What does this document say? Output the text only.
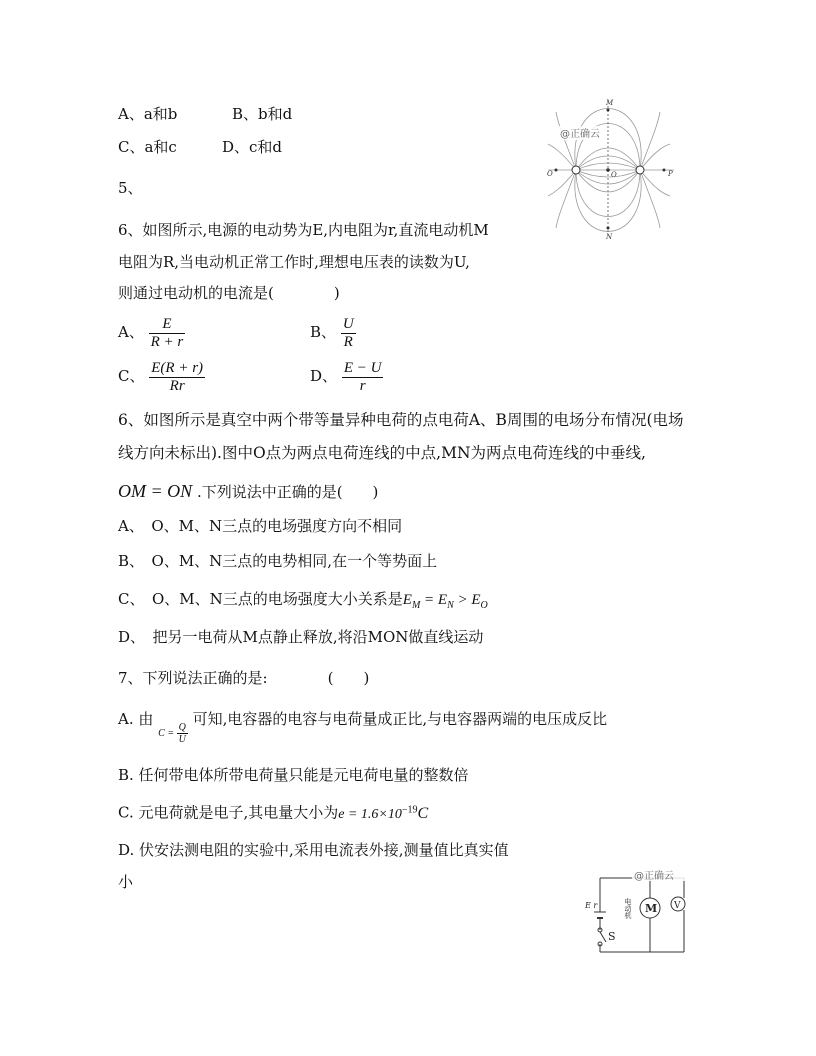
A、a和b	B、b和d
C、a和c	D、c和d
5、
6、如图所示,电源的电动势为E,内电阻为r,直流电动机M
电阻为R,当电动机正常工作时,理想电压表的读数为U,
则通过电动机的电流是(　　　　)
A、 $\frac{E}{R + r}$	B、 $\frac{U}{R}$
C、 $\frac{E(R + r)}{Rr}$	D、 $\frac{E - U}{r}$
6、如图所示是真空中两个带等量异种电荷的点电荷A、B周围的电场分布情况(电场
线方向未标出).图中O点为两点电荷连线的中点,MN为两点电荷连线的中垂线,
OM = ON .下列说法中正确的是(　　)
A、　O、M、N三点的电场强度方向不相同
B、　O、M、N三点的电势相同,在一个等势面上
C、　O、M、N三点的电场强度大小关系是$E_M = E_N > E_O$
D、　把另一电荷从M点静止释放,将沿MON做直线运动
7、下列说法正确的是:　　　　(　　)
A. 由 $C = \frac{Q}{U}$
可知,电容器的电容与电荷量成正比,与电容器两端的电压成反比
B. 任何带电体所带电荷量只能是元电荷电量的整数倍
C. 元电荷就是电子,其电量大小为$e = 1.6\times 10^{-19}C$
D. 伏安法测电阻的实验中,采用电流表外接,测量值比真实值
小
M
N
O
O	P
@正确云
M V
E r
S
电动机
@正确云
